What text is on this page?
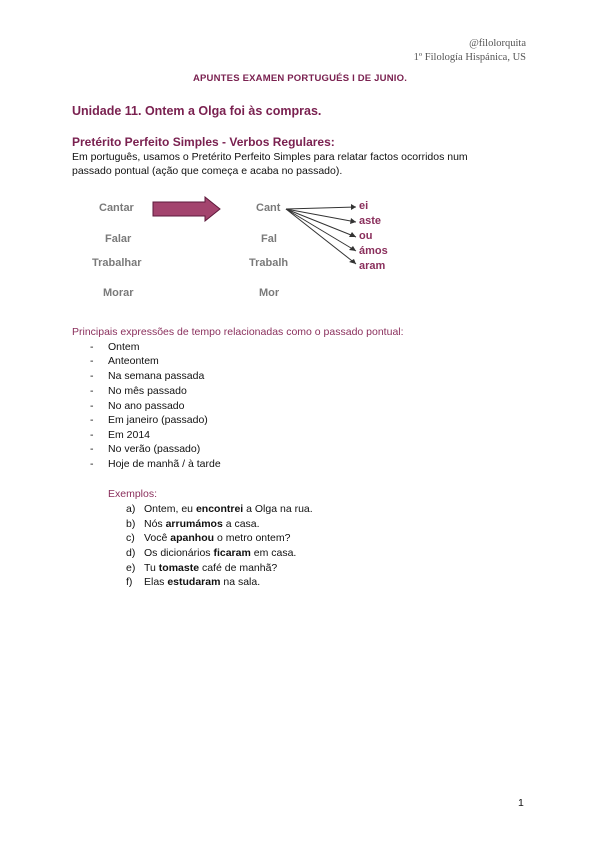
@filolorquita
1º Filología Hispánica, US
APUNTES EXAMEN PORTUGUÉS I DE JUNIO.
Unidade 11. Ontem a Olga foi às compras.
Pretérito Perfeito Simples - Verbos Regulares:
Em português, usamos o Pretérito Perfeito Simples para relatar factos ocorridos num
passado pontual (ação que começa e acaba no passado).
Cantar
Falar
Trabalhar
Morar
Cant
Fal
Trabalh
Mor
ei
aste
ou
ámos
aram
Principais expressões de tempo relacionadas como o passado pontual:
- Ontem
- Anteontem
- Na semana passada
- No mês passado
- No ano passado
- Em janeiro (passado)
- Em 2014
- No verão (passado)
- Hoje de manhã / à tarde
Exemplos:
a) Ontem, eu encontrei a Olga na rua.
b) Nós arrumámos a casa.
c) Você apanhou o metro ontem?
d) Os dicionários ficaram em casa.
e) Tu tomaste café de manhã?
f) Elas estudaram na sala.
1
